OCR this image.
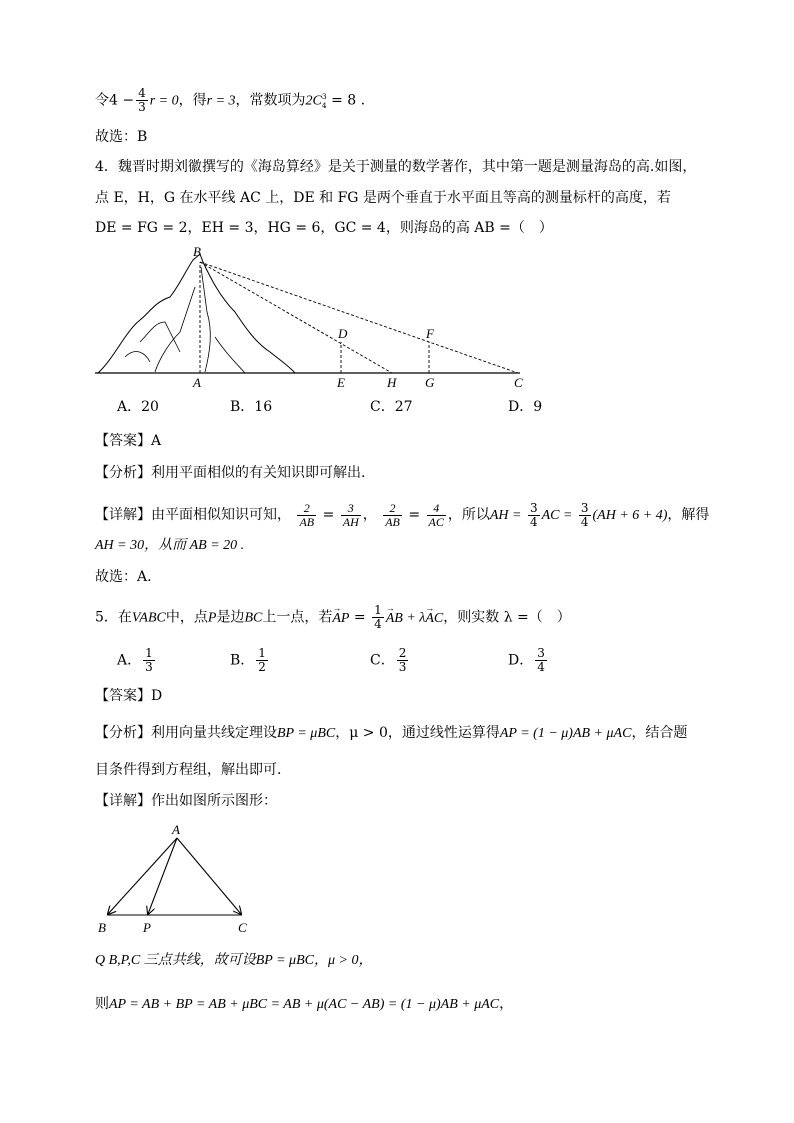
令$4 - \frac{4}{3}$ r = 0，得r = 3，常数项为2C 3
4 = 8 .
故选：B
4．魏晋时期刘徽撰写的《海岛算经》是关于测量的数学著作，其中第一题是测量海岛的高.如图，
点 E，H，G 在水平线 AC 上，DE 和 FG 是两个垂直于水平面且等高的测量标杆的高度，若
DE = FG = 2，EH = 3，HG = 6，GC = 4，则海岛的高 AB =（　）
B
A
D
E	H
F
G	C
A．20	B．16	C．27	D．9
【答案】A
【分析】利用平面相似的有关知识即可解出.
【详解】由平面相似知识可知， $\frac{2}{AB} = \frac{3}{AH}$ ， $\frac{2}{AB} = \frac{4}{AC}$ ，所以AH = $\frac{3}{4}$ AC = $\frac{3}{4} (AH + 6 + 4)$，解得
AH = 30，从而 AB = 20 .
故选：A.
5．在VABC中，点P是边BC上一点，若→ AP = $\frac{1}{4}$
→ AB + λ→ AC，则实数 λ =（　）
A． $\frac{1}{3}$	B． $\frac{1}{2}$	C． $\frac{2}{3}$	D． $\frac{3}{4}$
【答案】D
【分析】利用向量共线定理设BP = μBC，μ > 0，通过线性运算得AP = (1 − μ)AB + μAC，结合题
目条件得到方程组，解出即可.
【详解】作出如图所示图形：
A
B	P	C
Q B,P,C 三点共线，故可设BP = μBC，μ > 0，
则AP = AB + BP = AB + μBC = AB + μ(AC − AB) = (1 − μ)AB + μAC，
